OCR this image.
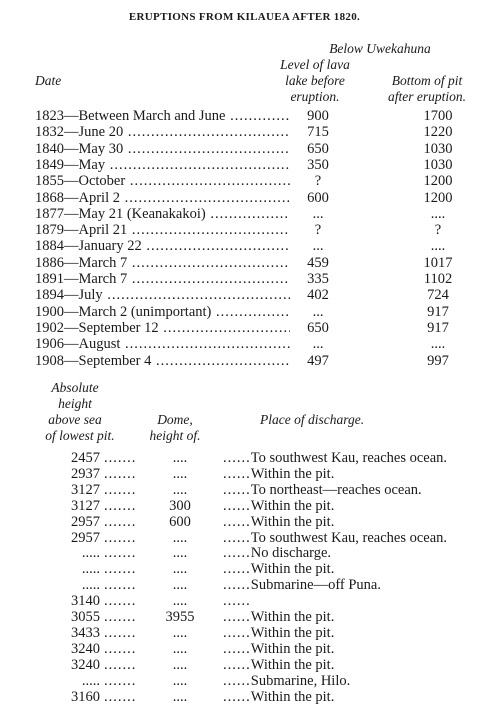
ERUPTIONS FROM KILAUEA AFTER 1820.
Below Uwekahuna
Level of lava
lake before
eruption.
Bottom of pit
after eruption.
Date
1823—Between March and June .....	900	1700
1832—June 20 .....	715	1220
1840—May 30 .....	650	1030
1849—May .....	350	1030
1855—October .....	?	1200
1868—April 2 .....	600	1200
1877—May 21 (Keanakakoi) .....	...	....
1879—April 21 .....	?	?
1884—January 22 .....	...	....
1886—March 7 .....	459	1017
1891—March 7 .....	335	1102
1894—July .....	402	724
1900—March 2 (unimportant) .....	...	917
1902—September 12 .....	650	917
1906—August .....	...	....
1908—September 4 .....	497	997
Absolute
height
above sea
of lowest pit.
Dome,
height of.
Place of discharge.
2457 .......	....	......To southwest Kau, reaches ocean.
2937 .......	....	......Within the pit.
3127 .......	....	......To northeast—reaches ocean.
3127 .......	300	......Within the pit.
2957 .......	600	......Within the pit.
2957 .......	....	......To southwest Kau, reaches ocean.
..... .......	....	......No discharge.
..... .......	....	......Within the pit.
..... .......	....	......Submarine—off Puna.
3140 .......	....	......
3055 .......	3955	......Within the pit.
3433 .......	....	......Within the pit.
3240 .......	....	......Within the pit.
3240 .......	....	......Within the pit.
..... .......	....	......Submarine, Hilo.
3160 .......	....	......Within the pit.
